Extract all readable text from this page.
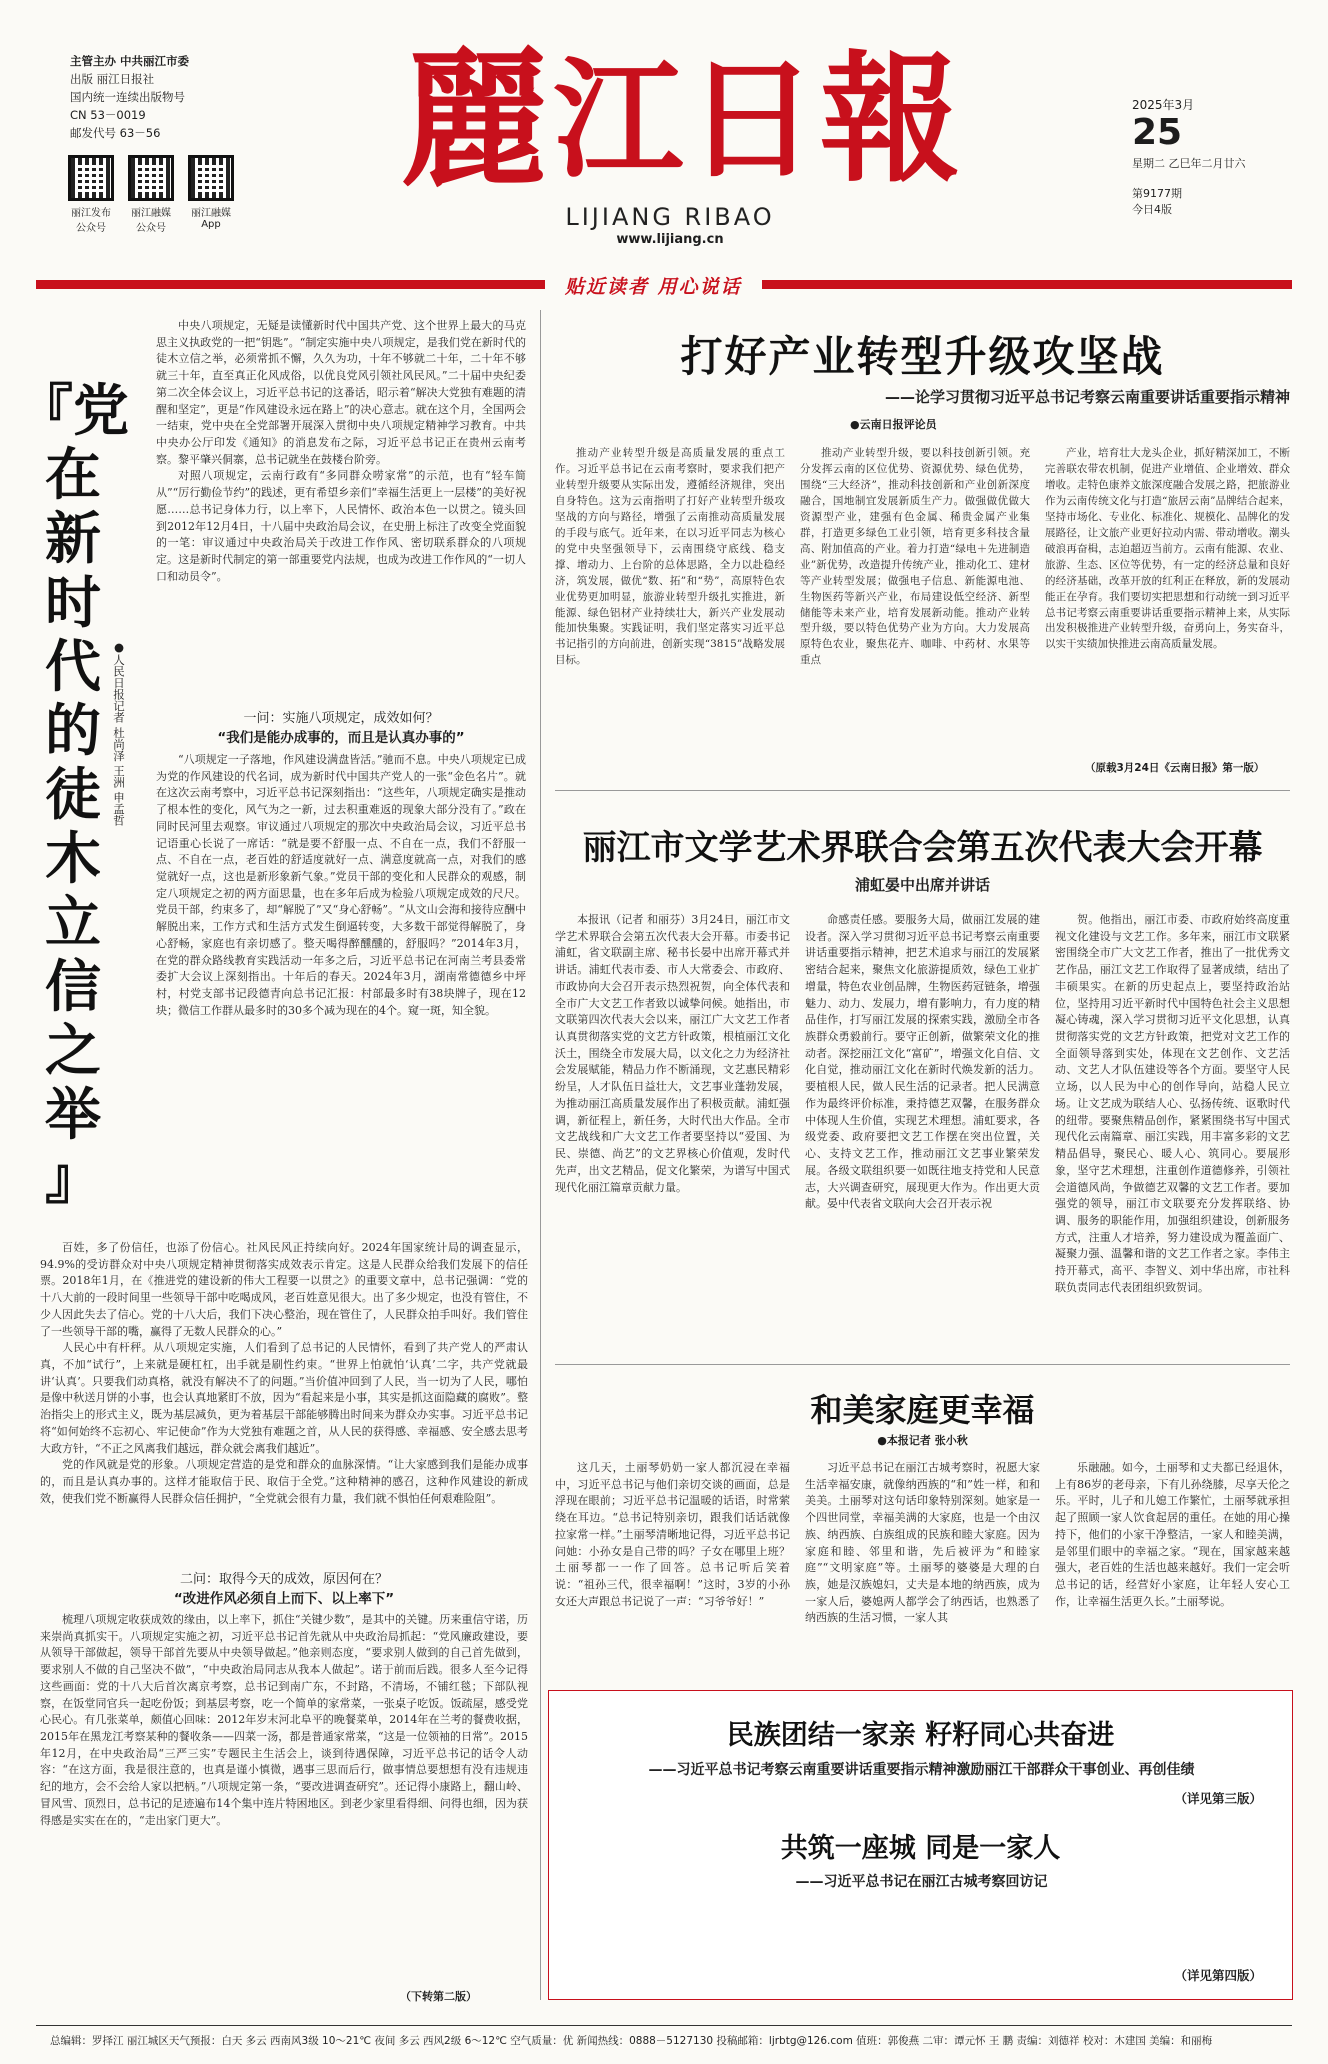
主管主办 中共丽江市委
出版 丽江日报社
国内统一连续出版物号
CN 53－0019
邮发代号 63－56
丽江发布
公众号
丽江融媒
公众号
丽江融媒
App
麗 江 日 報
LIJIANG RIBAO
www.lijiang.cn
2025年3月
25
星期二 乙巳年二月廿六
第9177期
今日4版
贴近读者 用心说话
『党
在
新
时
代
的
徒
木
立
信
之
举
』
●人民日报记者 杜尚泽 王洲 申孟哲

中央八项规定，无疑是读懂新时代中国共产党、这个世界上最大的马克思主义执政党的一把“钥匙”。“制定实施中央八项规定，是我们党在新时代的徒木立信之举，必须常抓不懈，久久为功，十年不够就二十年，二十年不够就三十年，直至真正化风成俗，以优良党风引领社风民风。”二十届中央纪委第二次全体会议上，习近平总书记的这番话，昭示着“解决大党独有难题的清醒和坚定”，更是“作风建设永远在路上”的决心意志。就在这个月，全国两会一结束，党中央在全党部署开展深入贯彻中央八项规定精神学习教育。中共中央办公厅印发《通知》的消息发布之际，习近平总书记正在贵州云南考察。黎平肇兴侗寨，总书记就坐在鼓楼台阶旁。

对照八项规定，云南行政有“多同群众唠家常”的示范，也有“轻车简从”“厉行勤俭节约”的践述，更有希望乡亲们“幸福生活更上一层楼”的美好祝愿……总书记身体力行，以上率下，人民情怀、政治本色一以贯之。镜头回到2012年12月4日，十八届中央政治局会议，在史册上标注了改变全党面貌的一笔：审议通过中央政治局关于改进工作作风、密切联系群众的八项规定。这是新时代制定的第一部重要党内法规，也成为改进工作作风的“一切人口和动员令”。

一问：实施八项规定，成效如何？
“我们是能办成事的，而且是认真办事的”

“八项规定一子落地，作风建设满盘皆活。”驰而不息。中央八项规定已成为党的作风建设的代名词，成为新时代中国共产党人的一张“金色名片”。就在这次云南考察中，习近平总书记深刻指出：“这些年，八项规定确实是推动了根本性的变化，风气为之一新，过去积重难返的现象大部分没有了。”政在同时民河里去观察。审议通过八项规定的那次中央政治局会议，习近平总书记语重心长说了一席话：“就是要不舒服一点、不自在一点，我们不舒服一点、不自在一点，老百姓的舒适度就好一点、满意度就高一点，对我们的感觉就好一点，这也是新形象新气象。”党员干部的变化和人民群众的观感，制定八项规定之初的两方面思量，也在多年后成为检验八项规定成效的尺尺。党员干部，约束多了，却“解脱了”又“身心舒畅”。“从文山会海和接待应酬中解脱出来，工作方式和生活方式发生倒逼转变，大多数干部觉得解脱了，身心舒畅，家庭也有亲切感了。整天喝得醉醺醺的，舒服吗？”2014年3月，在党的群众路线教育实践活动一年多之后，习近平总书记在河南兰考县委常委扩大会议上深刻指出。十年后的春天。2024年3月，湖南常德德乡中坪村，村党支部书记段德青向总书记汇报：村部最多时有38块牌子，现在12块；微信工作群从最多时的30多个减为现在的4个。窥一斑，知全貌。

百姓，多了份信任，也添了份信心。社风民风正持续向好。2024年国家统计局的调查显示，94.9%的受访群众对中央八项规定精神贯彻落实成效表示肯定。这是人民群众给我们发展下的信任票。2018年1月，在《推进党的建设新的伟大工程要一以贯之》的重要文章中，总书记强调：“党的十八大前的一段时间里一些领导干部中吃喝成风，老百姓意见很大。出了多少规定，也没有管住，不少人因此失去了信心。党的十八大后，我们下决心整治，现在管住了，人民群众拍手叫好。我们管住了一些领导干部的嘴，赢得了无数人民群众的心。”

人民心中有杆秤。从八项规定实施，人们看到了总书记的人民情怀，看到了共产党人的严肃认真，不加“试行”，上来就是硬杠杠，出手就是刷性约束。“世界上怕就怕‘认真’二字，共产党就最讲‘认真’。只要我们动真格，就没有解决不了的问题。”当价值冲回到了人民，当一切为了人民，哪怕是像中秋送月饼的小事，也会认真地紧盯不放，因为“看起来是小事，其实是抓这面隐藏的腐败”。整治指尖上的形式主义，既为基层减负，更为着基层干部能够腾出时间来为群众办实事。习近平总书记将“如何始终不忘初心、牢记使命”作为大党独有难题之首，从人民的获得感、幸福感、安全感去思考大政方针，“不正之风离我们越远，群众就会离我们越近”。

党的作风就是党的形象。八项规定营造的是党和群众的血脉深情。“让大家感到我们是能办成事的，而且是认真办事的。这样才能取信于民、取信于全党。”这种精神的感召，这种作风建设的新成效，使我们党不断赢得人民群众信任拥护，“全党就会很有力量，我们就不惧怕任何艰难险阻”。

二问：取得今天的成效，原因何在？
“改进作风必须自上而下、以上率下”

梳理八项规定收获成效的缘由，以上率下，抓住“关键少数”，是其中的关键。历来重信守诺，历来崇尚真抓实干。八项规定实施之初，习近平总书记首先就从中央政治局抓起：“党风廉政建设，要从领导干部做起，领导干部首先要从中央领导做起。”他亲则态度，“要求别人做到的自己首先做到，要求别人不做的自己坚决不做”，“中央政治局同志从我本人做起”。诺于前而后践。很多人至今记得这些画面：党的十八大后首次离京考察，总书记到南广东，不封路，不清场，不铺红毯；下部队视察，在饭堂同官兵一起吃份饭；到基层考察，吃一个简单的家常菜，一张桌子吃饭。饭疏屋，感受党心民心。有几张菜单，颇值心回味：2012年岁末河北阜平的晚餐菜单，2014年在兰考的餐费收据，2015年在黑龙江考察某种的餐收条——四菜一汤，都是普通家常菜，“这是一位领袖的日常”。2015年12月，在中央政治局“三严三实”专题民主生活会上，谈到待遇保障，习近平总书记的话令人动容：“在这方面，我是很注意的，也真是谨小慎微，遇事三思而后行，做事情总要想想有没有违规违纪的地方，会不会给人家以把柄。”八项规定第一条，“要改进调查研究”。还记得小康路上，翻山岭、冒风雪、顶烈日，总书记的足迹遍布14个集中连片特困地区。到老少家里看得细、问得也细，因为获得感是实实在在的，“走出家门更大”。

（下转第二版）
打好产业转型升级攻坚战
——论学习贯彻习近平总书记考察云南重要讲话重要指示精神
●云南日报评论员

推动产业转型升级是高质量发展的重点工作。习近平总书记在云南考察时，要求我们把产业转型升级要从实际出发，遵循经济规律，突出自身特色。这为云南指明了打好产业转型升级攻坚战的方向与路径，增强了云南推动高质量发展的手段与底气。近年来，在以习近平同志为核心的党中央坚强领导下，云南围绕守底线、稳支撑、增动力、上台阶的总体思路，全力以赴稳经济，筑发展，做优“数、拓”和“势”，高原特色农业优势更加明显，旅游业转型升级扎实推进，新能源、绿色铝材产业持续壮大，新兴产业发展动能加快集聚。实践证明，我们坚定落实习近平总书记指引的方向前进，创新实现“3815”战略发展目标。

推动产业转型升级，要以科技创新引领。充分发挥云南的区位优势、资源优势、绿色优势，围绕“三大经济”，推动科技创新和产业创新深度融合，国地制宜发展新质生产力。做强做优做大资源型产业，建强有色金属、稀贵金属产业集群，打造更多绿色工业引领，培育更多科技含量高、附加值高的产业。着力打造“绿电＋先进制造业”新优势，改造提升传统产业，推动化工、建材等产业转型发展；做强电子信息、新能源电池、生物医药等新兴产业，布局建设低空经济、新型储能等未来产业，培育发展新动能。推动产业转型升级，要以特色优势产业为方向。大力发展高原特色农业，聚焦花卉、咖啡、中药材、水果等重点

产业，培育壮大龙头企业，抓好精深加工，不断完善联农带农机制，促进产业增值、企业增效、群众增收。走特色康养文旅深度融合发展之路，把旅游业作为云南传统文化与打造“旅居云南”品牌结合起来，坚持市场化、专业化、标准化、规模化、品牌化的发展路径，让文旅产业更好拉动内需、带动增收。潮头破浪再奋楫，志迫超迈当前方。云南有能源、农业、旅游、生态、区位等优势，有一定的经济总量和良好的经济基础，改革开放的红利正在释放，新的发展动能正在孕育。我们要切实把思想和行动统一到习近平总书记考察云南重要讲话重要指示精神上来，从实际出发积极推进产业转型升级，奋勇向上，务实奋斗，以实干实绩加快推进云南高质量发展。

（原载3月24日《云南日报》第一版）
丽江市文学艺术界联合会第五次代表大会开幕
浦虹晏中出席并讲话

本报讯（记者 和丽芬）3月24日，丽江市文学艺术界联合会第五次代表大会开幕。市委书记浦虹，省文联副主席、秘书长晏中出席开幕式并讲话。浦虹代表市委、市人大常委会、市政府、市政协向大会召开表示热烈祝贺，向全体代表和全市广大文艺工作者致以诚挚问候。她指出，市文联第四次代表大会以来，丽江广大文艺工作者认真贯彻落实党的文艺方针政策，根植丽江文化沃土，围绕全市发展大局，以文化之力为经济社会发展赋能，精品力作不断涌现，文艺惠民精彩纷呈，人才队伍日益壮大，文艺事业蓬勃发展，为推动丽江高质量发展作出了积极贡献。浦虹强调，新征程上，新任务，大时代出大作品。全市文艺战线和广大文艺工作者要坚持以“爱国、为民、崇德、尚艺”的文艺界核心价值观，发时代先声，出文艺精品，促文化繁荣，为谱写中国式现代化丽江篇章贡献力量。

命感责任感。要服务大局，做丽江发展的建设者。深入学习贯彻习近平总书记考察云南重要讲话重要指示精神，把艺术追求与丽江的发展紧密结合起来，聚焦文化旅游提质效，绿色工业扩增量，特色农业创品牌，生物医药冠链条，增强魅力、动力、发展力，增有影响力，有力度的精品佳作，打写丽江发展的探索实践，激励全市各族群众勇毅前行。要守正创新，做繁荣文化的推动者。深挖丽江文化“富矿”，增强文化自信、文化自觉，推动丽江文化在新时代焕发新的活力。要植根人民，做人民生活的记录者。把人民满意作为最终评价标准，秉持德艺双馨，在服务群众中体现人生价值，实现艺术理想。浦虹要求，各级党委、政府要把文艺工作摆在突出位置，关心、支持文艺工作，推动丽江文艺事业繁荣发展。各级文联组织要一如既往地支持党和人民意志，大兴调查研究，展现更大作为。作出更大贡献。晏中代表省文联向大会召开表示祝

贺。他指出，丽江市委、市政府始终高度重视文化建设与文艺工作。多年来，丽江市文联紧密围绕全市广大文艺工作者，推出了一批优秀文艺作品，丽江文艺工作取得了显著成绩，结出了丰硕果实。在新的历史起点上，要坚持政治站位，坚持用习近平新时代中国特色社会主义思想凝心铸魂，深入学习贯彻习近平文化思想，认真贯彻落实党的文艺方针政策，把党对文艺工作的全面领导落到实处，体现在文艺创作、文艺活动、文艺人才队伍建设等各个方面。要坚守人民立场，以人民为中心的创作导向，站稳人民立场。让文艺成为联结人心、弘扬传统、讴歌时代的纽带。要聚焦精品创作，紧紧围绕书写中国式现代化云南篇章、丽江实践，用丰富多彩的文艺精品倡导，聚民心、暖人心、筑同心。要展形象，坚守艺术理想，注重创作道德修养，引领社会道德风尚，争做德艺双馨的文艺工作者。要加强党的领导，丽江市文联要充分发挥联络、协调、服务的职能作用，加强组织建设，创新服务方式，注重人才培养，努力建设成为覆盖面广、凝聚力强、温馨和谐的文艺工作者之家。李伟主持开幕式，高平、李智义、刘中华出席，市社科联负责同志代表团组织致贺词。

和美家庭更幸福
●本报记者 张小秋

这几天，土丽琴奶奶一家人都沉浸在幸福中，习近平总书记与他们亲切交谈的画面，总是浮现在眼前；习近平总书记温暖的话语，时常萦绕在耳边。“总书记特别亲切，跟我们话话就像拉家常一样。”土丽琴清晰地记得，习近平总书记问她：小孙女是自己带的吗？子女在哪里上班？土丽琴都一一作了回答。总书记听后笑着说：“祖孙三代，很幸福啊！”这时，3岁的小孙女还大声跟总书记说了一声：“习爷爷好！”

习近平总书记在丽江古城考察时，祝愿大家生活幸福安康，就像纳西族的“和”姓一样，和和美美。土丽琴对这句话印象特别深刻。她家是一个四世同堂，幸福美满的大家庭，也是一个由汉族、纳西族、白族组成的民族和睦大家庭。因为家庭和睦、邻里和谐，先后被评为“和睦家庭”“文明家庭”等。土丽琴的婆婆是大理的白族，她是汉族媳妇，丈夫是本地的纳西族，成为一家人后，婆媳两人都学会了纳西话，也熟悉了纳西族的生活习惯，一家人其

乐融融。如今，土丽琴和丈夫都已经退休，上有86岁的老母亲，下有儿孙绕膝，尽享天伦之乐。平时，儿子和儿媳工作繁忙，土丽琴就承担起了照顾一家人饮食起居的重任。在她的用心操持下，他们的小家干净整洁，一家人和睦美满，是邻里们眼中的幸福之家。“现在，国家越来越强大，老百姓的生活也越来越好。我们一定会听总书记的话，经营好小家庭，让年轻人安心工作，让幸福生活更久长。”土丽琴说。

民族团结一家亲 籽籽同心共奋进
——习近平总书记考察云南重要讲话重要指示精神激励丽江干部群众干事创业、再创佳绩
（详见第三版）
共筑一座城 同是一家人
——习近平总书记在丽江古城考察回访记
（详见第四版）
总编辑：罗择江 丽江城区天气预报：白天 多云 西南风3级 10～21℃ 夜间 多云 西风2级 6～12℃ 空气质量：优 新闻热线：0888－5127130 投稿邮箱：ljrbtg@126.com 值班：郭俊燕 二审：谭元怀 王 鹏 责编：刘德祥 校对：木建国 美编：和丽梅
